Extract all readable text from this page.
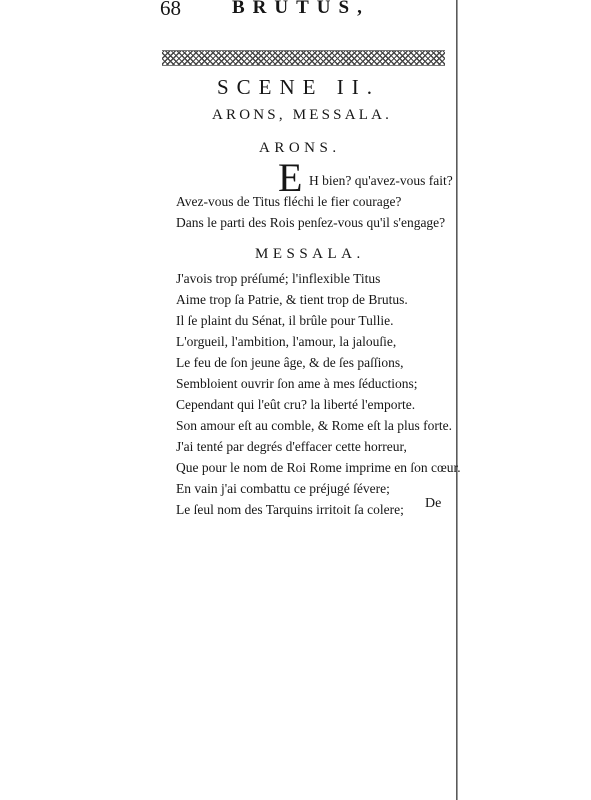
68	BRUTUS,
SCENE II.
ARONS, MESSALA.
ARONS.
E H bien? qu'avez-vous fait?
Avez-vous de Titus fléchi le fier courage?
Dans le parti des Rois penſez-vous qu'il s'engage?
MESSALA.
J'avois trop préſumé; l'inflexible Titus
Aime trop ſa Patrie, & tient trop de Brutus.
Il ſe plaint du Sénat, il brûle pour Tullie.
L'orgueil, l'ambition, l'amour, la jalouſie,
Le feu de ſon jeune âge, & de ſes paſſions,
Sembloient ouvrir ſon ame à mes ſéductions;
Cependant qui l'eût cru? la liberté l'emporte.
Son amour eſt au comble, & Rome eſt la plus forte.
J'ai tenté par degrés d'effacer cette horreur,
Que pour le nom de Roi Rome imprime en ſon cœur.
En vain j'ai combattu ce préjugé ſévere;
Le ſeul nom des Tarquins irritoit ſa colere; De
